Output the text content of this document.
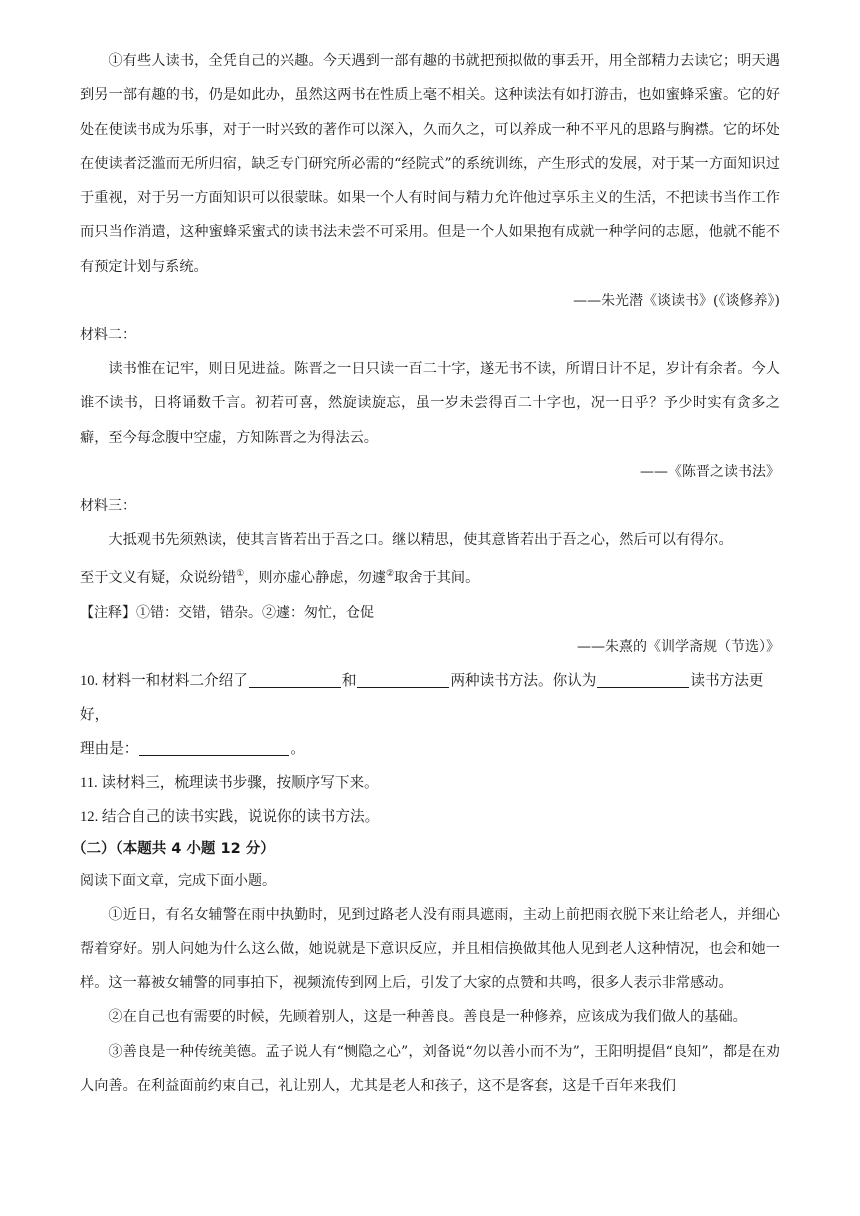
①有些人读书，全凭自己的兴趣。今天遇到一部有趣的书就把预拟做的事丢开，用全部精力去读它；明天遇到另一部有趣的书，仍是如此办，虽然这两书在性质上毫不相关。这种读法有如打游击，也如蜜蜂采蜜。它的好处在使读书成为乐事，对于一时兴致的著作可以深入，久而久之，可以养成一种不平凡的思路与胸襟。它的坏处在使读者泛滥而无所归宿，缺乏专门研究所必需的“经院式”的系统训练，产生形式的发展，对于某一方面知识过于重视，对于另一方面知识可以很蒙昧。如果一个人有时间与精力允许他过享乐主义的生活，不把读书当作工作而只当作消遣，这种蜜蜂采蜜式的读书法未尝不可采用。但是一个人如果抱有成就一种学问的志愿，他就不能不有预定计划与系统。

——朱光潜《谈读书》(《谈修养》)

材料二：

读书惟在记牢，则日见进益。陈晋之一日只读一百二十字，遂无书不读，所谓日计不足，岁计有余者。今人谁不读书，日将诵数千言。初若可喜，然旋读旋忘，虽一岁未尝得百二十字也，况一日乎？予少时实有贪多之癖，至今每念腹中空虚，方知陈晋之为得法云。

——《陈晋之读书法》

材料三：

大抵观书先须熟读，使其言皆若出于吾之口。继以精思，使其意皆若出于吾之心，然后可以有得尔。

至于文义有疑，众说纷错①，则亦虚心静虑，勿遽②取舍于其间。

【注释】①错：交错，错杂。②遽：匆忙，仓促

——朱熹的《训学斋规（节选）》

10. 材料一和材料二介绍了	和	两种读书方法。你认为	读书方法更好，

理由是：	。

11. 读材料三，梳理读书步骤，按顺序写下来。

12. 结合自己的读书实践，说说你的读书方法。

（二）（本题共 4 小题 12 分）

阅读下面文章，完成下面小题。

①近日，有名女辅警在雨中执勤时，见到过路老人没有雨具遮雨，主动上前把雨衣脱下来让给老人，并细心帮着穿好。别人问她为什么这么做，她说就是下意识反应，并且相信换做其他人见到老人这种情况，也会和她一样。这一幕被女辅警的同事拍下，视频流传到网上后，引发了大家的点赞和共鸣，很多人表示非常感动。

②在自己也有需要的时候，先顾着别人，这是一种善良。善良是一种修养，应该成为我们做人的基础。

③善良是一种传统美德。孟子说人有“恻隐之心”，刘备说“勿以善小而不为”，王阳明提倡“良知”，都是在劝人向善。在利益面前约束自己，礼让别人，尤其是老人和孩子，这不是客套，这是千百年来我们
